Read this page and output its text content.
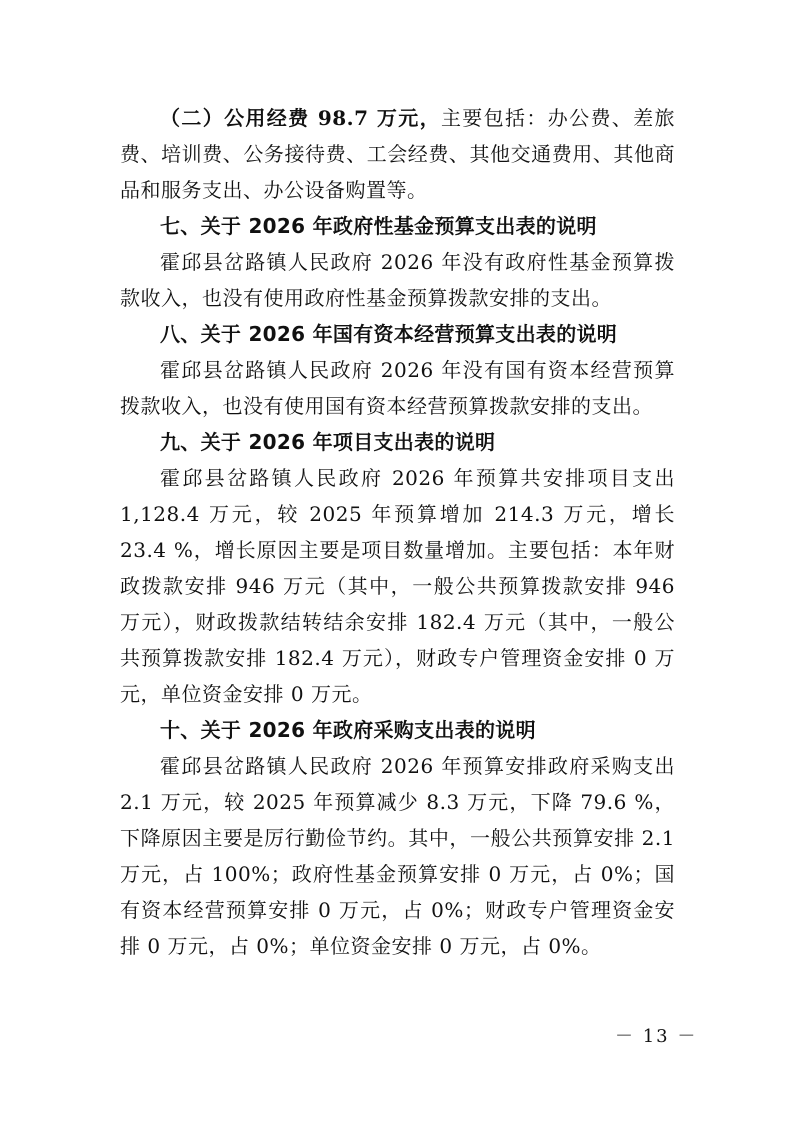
（二）公用经费 98.7 万元，主要包括：办公费、差旅费、培训费、公务接待费、工会经费、其他交通费用、其他商品和服务支出、办公设备购置等。

七、关于 2026 年政府性基金预算支出表的说明

霍邱县岔路镇人民政府 2026 年没有政府性基金预算拨款收入，也没有使用政府性基金预算拨款安排的支出。

八、关于 2026 年国有资本经营预算支出表的说明

霍邱县岔路镇人民政府 2026 年没有国有资本经营预算拨款收入，也没有使用国有资本经营预算拨款安排的支出。

九、关于 2026 年项目支出表的说明

霍邱县岔路镇人民政府 2026 年预算共安排项目支出1,128.4 万元，较 2025 年预算增加 214.3 万元，增长 23.4 %，增长原因主要是项目数量增加。主要包括：本年财政拨款安排 946 万元（其中，一般公共预算拨款安排 946 万元），财政拨款结转结余安排 182.4 万元（其中，一般公共预算拨款安排 182.4 万元），财政专户管理资金安排 0 万元，单位资金安排 0 万元。

十、关于 2026 年政府采购支出表的说明

霍邱县岔路镇人民政府 2026 年预算安排政府采购支出2.1 万元，较 2025 年预算减少 8.3 万元，下降 79.6 %，下降原因主要是厉行勤俭节约。其中，一般公共预算安排 2.1 万元，占 100%；政府性基金预算安排 0 万元，占 0%；国有资本经营预算安排 0 万元，占 0%；财政专户管理资金安排 0 万元，占 0%；单位资金安排 0 万元，占 0%。

－ 13 －
